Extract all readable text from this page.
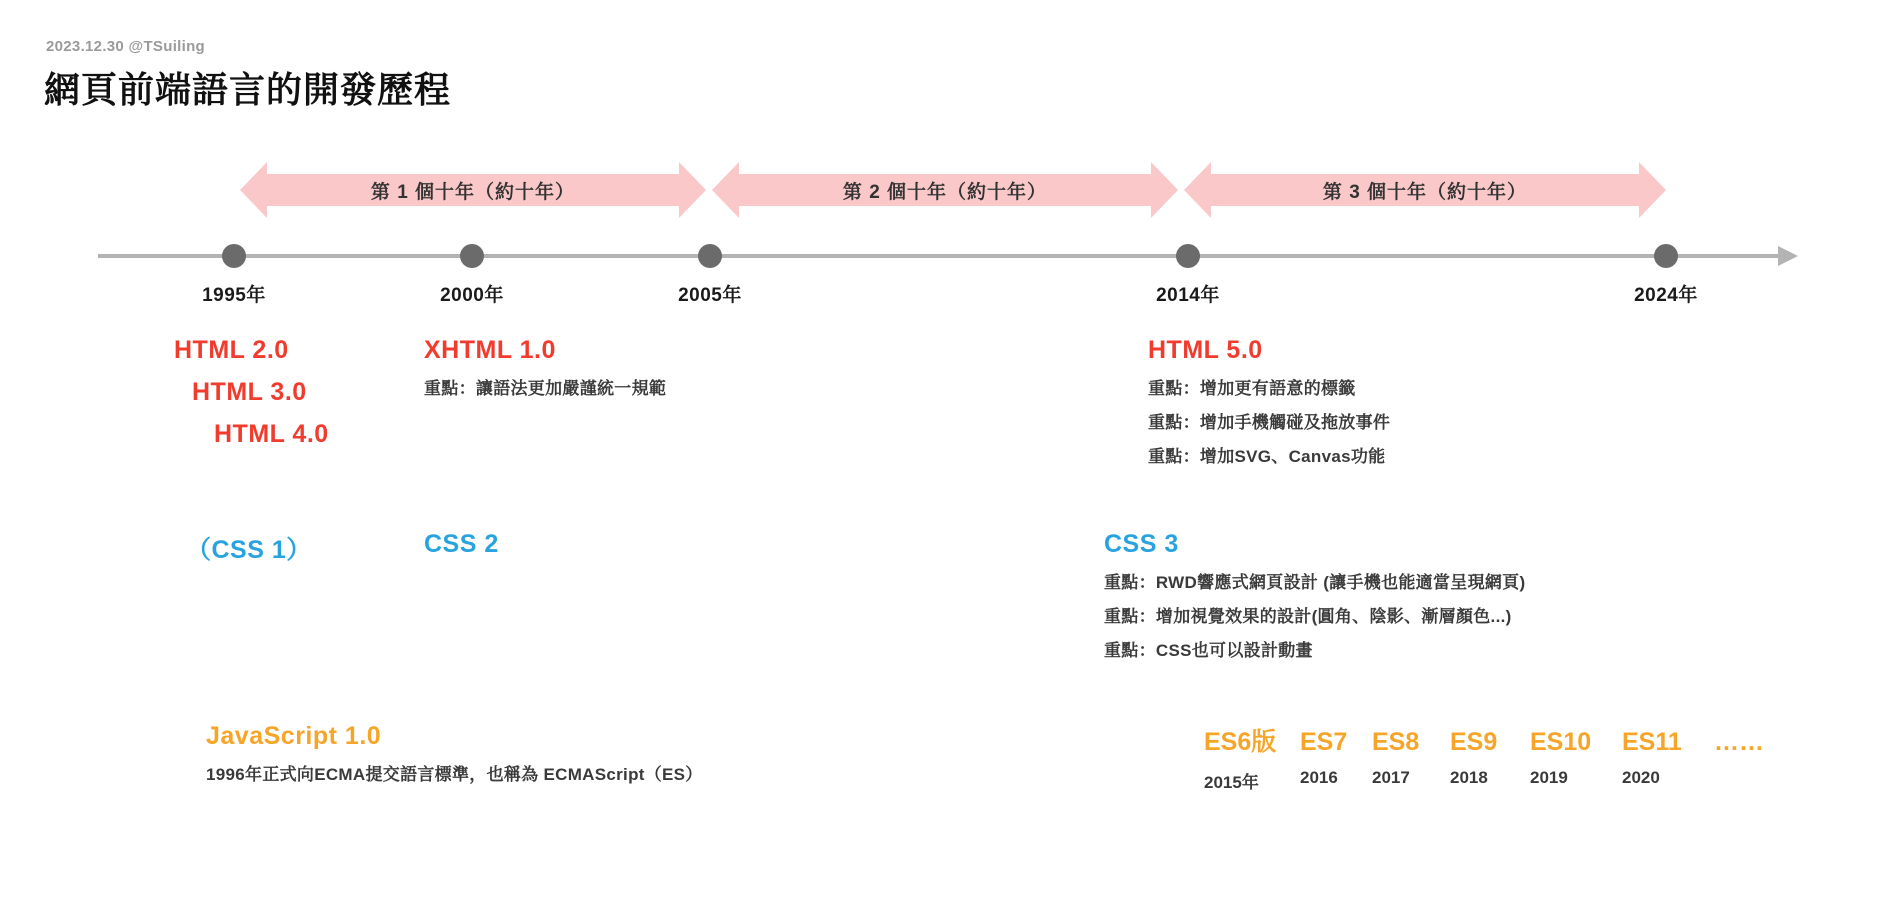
2023.12.30 @TSuiling
網頁前端語言的開發歷程
第 1 個十年（約十年）	第 2 個十年（約十年）	第 3 個十年（約十年）
1995年	2000年	2005年	2014年	2024年
HTML 2.0
HTML 3.0
HTML 4.0
XHTML 1.0
重點：讓語法更加嚴謹統一規範
HTML 5.0
重點：增加更有語意的標籤
重點：增加手機觸碰及拖放事件
重點：增加SVG、Canvas功能
（CSS 1）	CSS 2	CSS 3
重點：RWD響應式網頁設計 (讓手機也能適當呈現網頁)
重點：增加視覺效果的設計(圓角、陰影、漸層顏色...)
重點：CSS也可以設計動畫
JavaScript 1.0
1996年正式向ECMA提交語言標準，也稱為 ECMAScript（ES）
ES6版 ES7 ES8	ES9	ES10	ES11	……
2015年	2016	2017	2018	2019	2020
